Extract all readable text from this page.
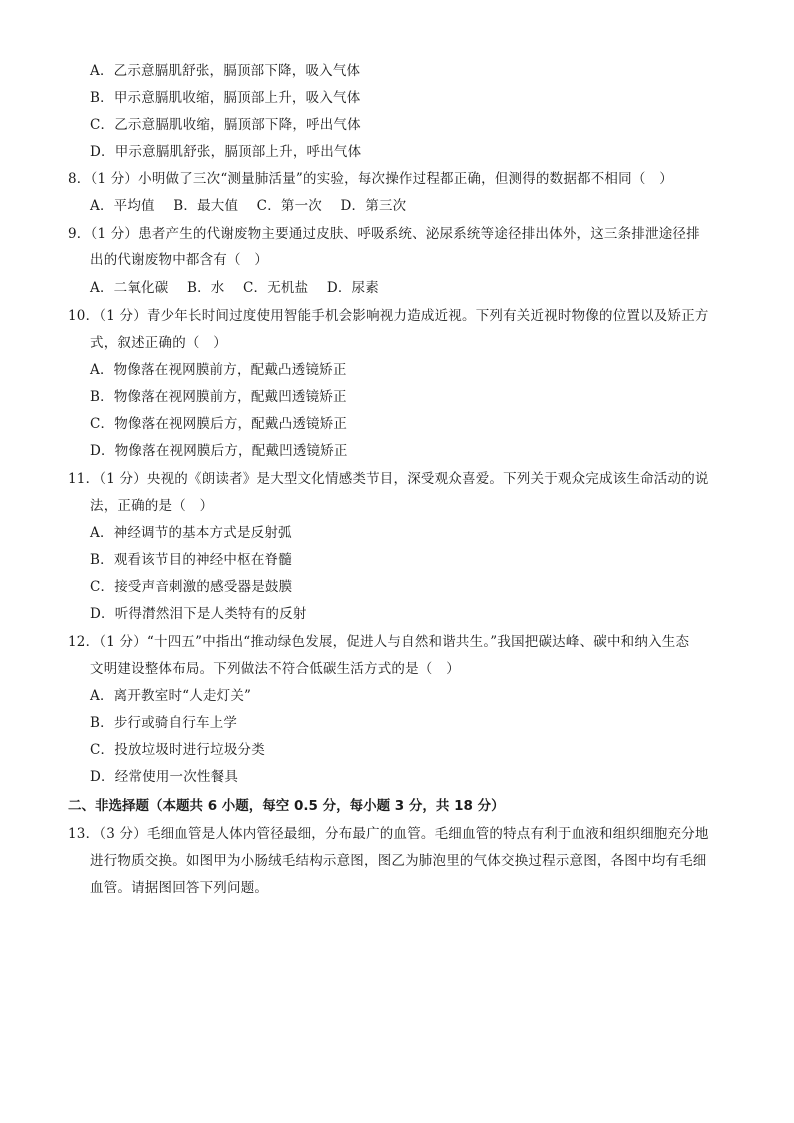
A．乙示意膈肌舒张，膈顶部下降，吸入气体
B．甲示意膈肌收缩，膈顶部上升，吸入气体
C．乙示意膈肌收缩，膈顶部下降，呼出气体
D．甲示意膈肌舒张，膈顶部上升，呼出气体
8．（1 分）小明做了三次“测量肺活量”的实验，每次操作过程都正确，但测得的数据都不相同（　）
A．平均值 B．最大值 C．第一次 D．第三次
9．（1 分）患者产生的代谢废物主要通过皮肤、呼吸系统、泌尿系统等途径排出体外，这三条排泄途径排
出的代谢废物中都含有（　）
A．二氧化碳 B．水 C．无机盐 D．尿素
10．（1 分）青少年长时间过度使用智能手机会影响视力造成近视。下列有关近视时物像的位置以及矫正方
式，叙述正确的（　）
A．物像落在视网膜前方，配戴凸透镜矫正
B．物像落在视网膜前方，配戴凹透镜矫正
C．物像落在视网膜后方，配戴凸透镜矫正
D．物像落在视网膜后方，配戴凹透镜矫正
11．（1 分）央视的《朗读者》是大型文化情感类节目，深受观众喜爱。下列关于观众完成该生命活动的说
法，正确的是（　）
A．神经调节的基本方式是反射弧
B．观看该节目的神经中枢在脊髓
C．接受声音刺激的感受器是鼓膜
D．听得潸然泪下是人类特有的反射
12．（1 分）“十四五”中指出“推动绿色发展，促进人与自然和谐共生。”我国把碳达峰、碳中和纳入生态
文明建设整体布局。下列做法不符合低碳生活方式的是（　）
A．离开教室时“人走灯关”
B．步行或骑自行车上学
C．投放垃圾时进行垃圾分类
D．经常使用一次性餐具
二、非选择题（本题共 6 小题，每空 0.5 分，每小题 3 分，共 18 分）
13．（3 分）毛细血管是人体内管径最细，分布最广的血管。毛细血管的特点有利于血液和组织细胞充分地
进行物质交换。如图甲为小肠绒毛结构示意图，图乙为肺泡里的气体交换过程示意图，各图中均有毛细
血管。请据图回答下列问题。
